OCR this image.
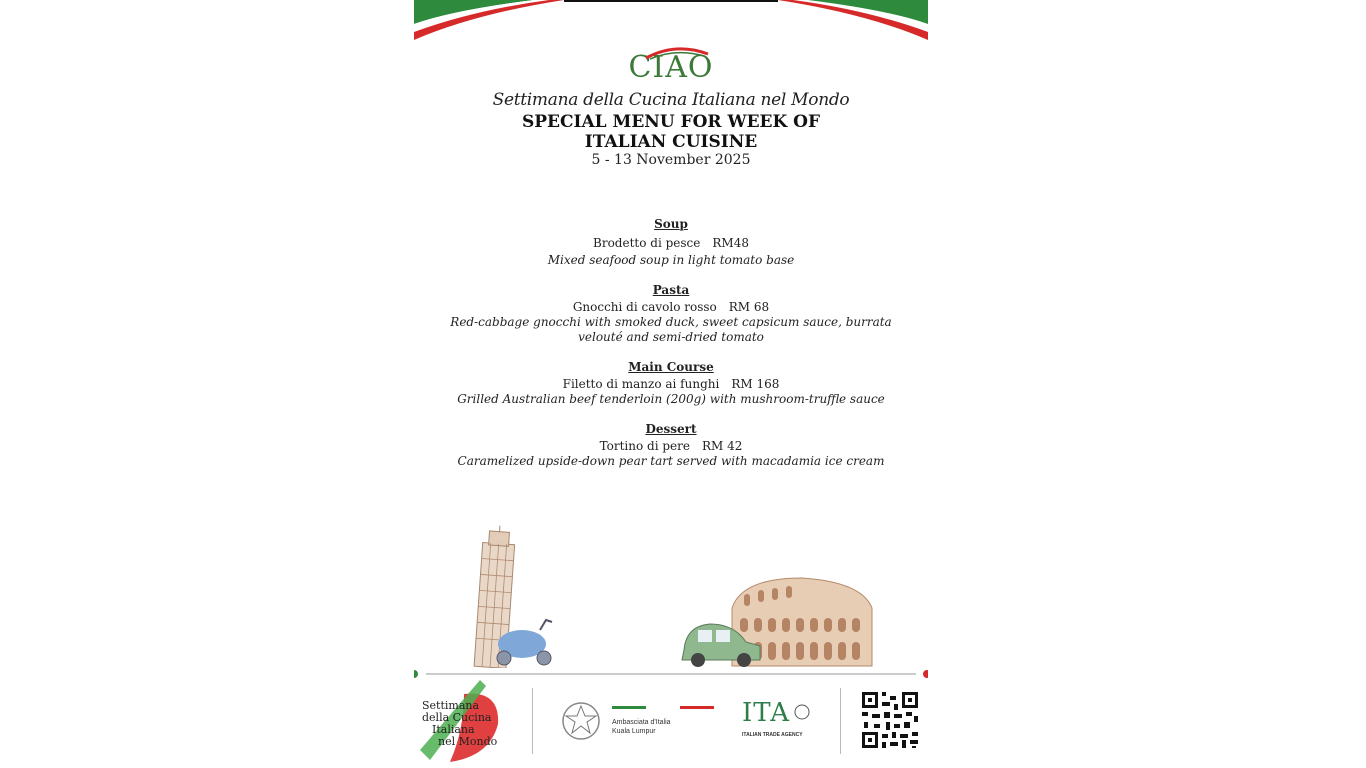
CIAO
Settimana della Cucina Italiana nel Mondo
SPECIAL MENU FOR WEEK OF
ITALIAN CUISINE
5 - 13 November 2025
Soup
Brodetto di pesce RM48
Mixed seafood soup in light tomato base
Pasta
Gnocchi di cavolo rosso RM 68
Red-cabbage gnocchi with smoked duck, sweet capsicum sauce, burrata velouté and semi-dried tomato
Main Course
Filetto di manzo ai funghi RM 168
Grilled Australian beef tenderloin (200g) with mushroom-truffle sauce
Dessert
Tortino di pere RM 42
Caramelized upside-down pear tart served with macadamia ice cream
Settimana
della Cucina
Italiana
nel Mondo
Ambasciata d'Italia
Kuala Lumpur
ITA
ITALIAN TRADE AGENCY
